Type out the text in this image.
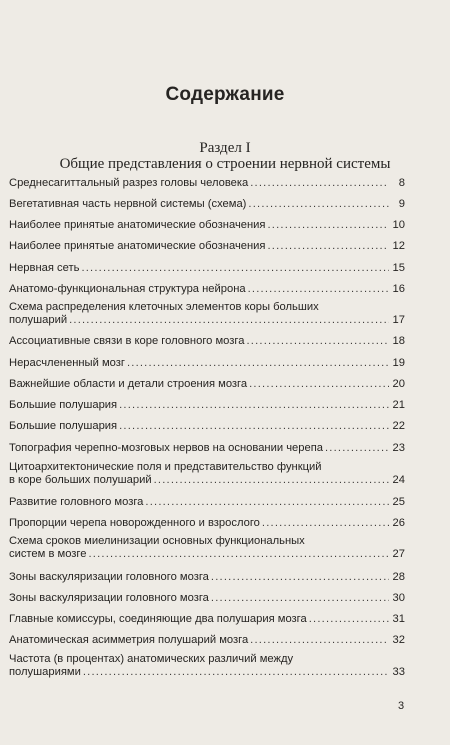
Содержание
Раздел I
Общие представления о строении нервной системы
Среднесагиттальный разрез головы человека .....	8
Вегетативная часть нервной системы (схема) .....	9
Наиболее принятые анатомические обозначения .....	10
Наиболее принятые анатомические обозначения .....	12
Нервная сеть .....	15
Анатомо-функциональная структура нейрона .....	16
Схема распределения клеточных элементов коры больших
полушарий .....	17
Ассоциативные связи в коре головного мозга .....	18
Нерасчлененный мозг .....	19
Важнейшие области и детали строения мозга .....	20
Большие полушария .....	21
Большие полушария .....	22
Топография черепно-мозговых нервов на основании черепа .....	23
Цитоархитектонические поля и представительство функций
в коре больших полушарий .....	24
Развитие головного мозга .....	25
Пропорции черепа новорожденного и взрослого .....	26
Схема сроков миелинизации основных функциональных
систем в мозге .....	27
Зоны васкуляризации головного мозга .....	28
Зоны васкуляризации головного мозга .....	30
Главные комиссуры, соединяющие два полушария мозга .....	31
Анатомическая асимметрия полушарий мозга .....	32
Частота (в процентах) анатомических различий между
полушариями .....	33
3
